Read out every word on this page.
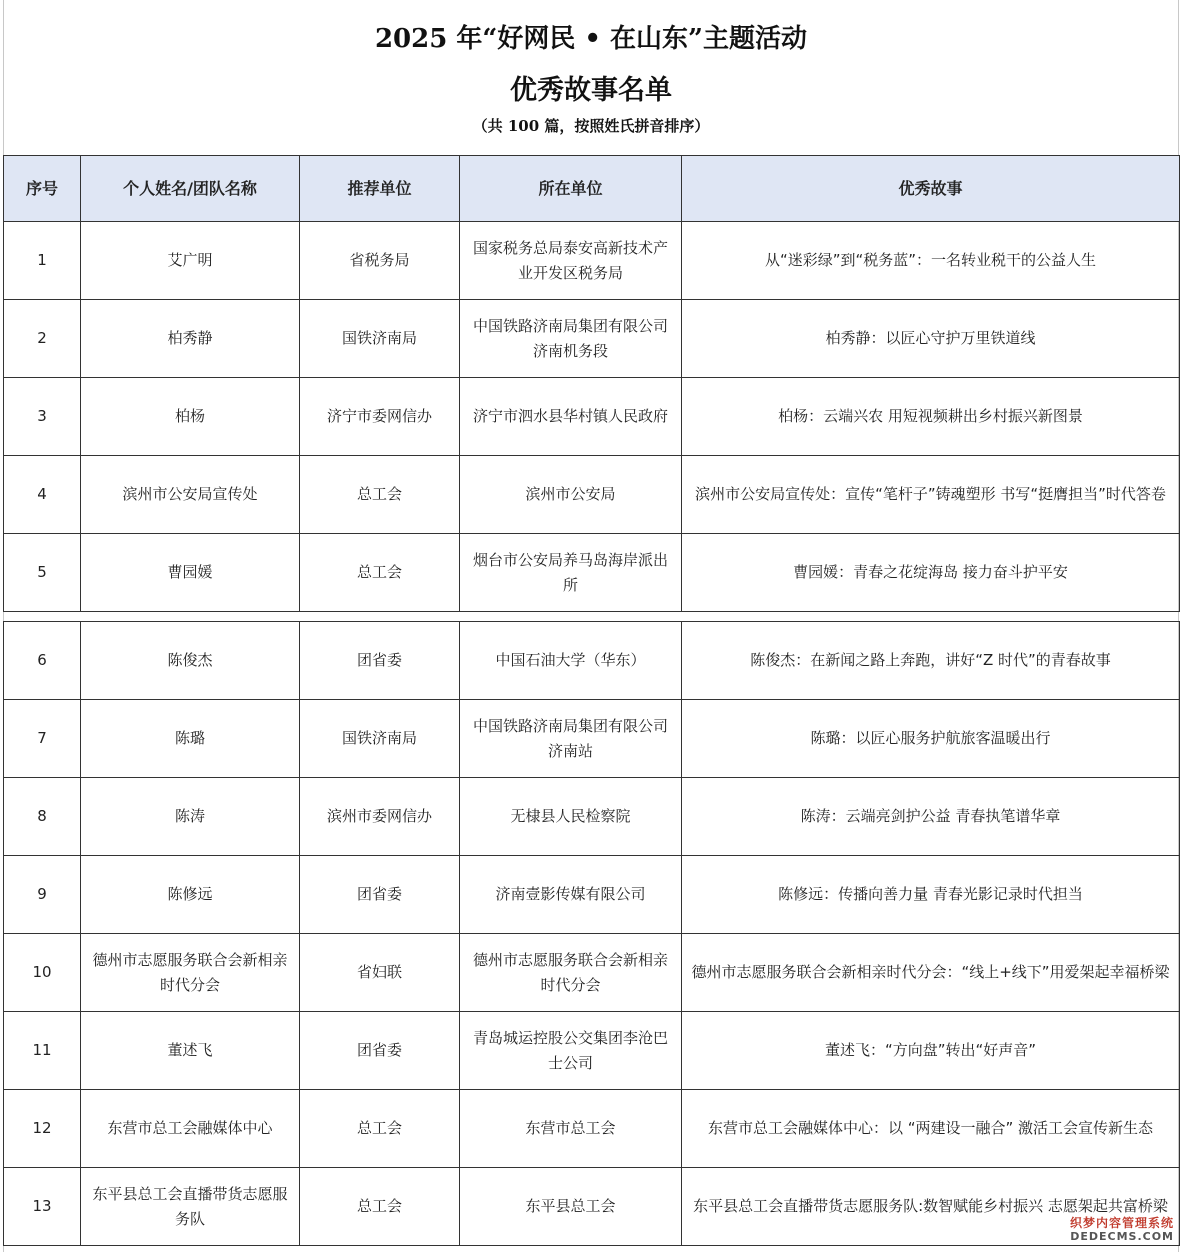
2025 年“好网民 • 在山东”主题活动
优秀故事名单
（共 100 篇，按照姓氏拼音排序）
序号	个人姓名/团队名称	推荐单位	所在单位	优秀故事
1	艾广明	省税务局	国家税务总局泰安高新技术产业开发区税务局	从“迷彩绿”到“税务蓝”：一名转业税干的公益人生
2	柏秀静	国铁济南局	中国铁路济南局集团有限公司济南机务段	柏秀静：以匠心守护万里铁道线
3	柏杨	济宁市委网信办	济宁市泗水县华村镇人民政府	柏杨：云端兴农 用短视频耕出乡村振兴新图景
4	滨州市公安局宣传处	总工会	滨州市公安局	滨州市公安局宣传处：宣传“笔杆子”铸魂塑形 书写“挺膺担当”时代答卷
5	曹园媛	总工会	烟台市公安局养马岛海岸派出所	曹园媛：青春之花绽海岛 接力奋斗护平安
6	陈俊杰	团省委	中国石油大学（华东）	陈俊杰：在新闻之路上奔跑，讲好“Z 时代”的青春故事
7	陈璐	国铁济南局	中国铁路济南局集团有限公司济南站	陈璐：以匠心服务护航旅客温暖出行
8	陈涛	滨州市委网信办	无棣县人民检察院	陈涛：云端亮剑护公益 青春执笔谱华章
9	陈修远	团省委	济南壹影传媒有限公司	陈修远：传播向善力量 青春光影记录时代担当
10	德州市志愿服务联合会新相亲时代分会	省妇联	德州市志愿服务联合会新相亲时代分会	德州市志愿服务联合会新相亲时代分会：“线上+线下”用爱架起幸福桥梁
11	董述飞	团省委	青岛城运控股公交集团李沧巴士公司	董述飞：“方向盘”转出“好声音”
12	东营市总工会融媒体中心	总工会	东营市总工会	东营市总工会融媒体中心：以 “两建设一融合” 激活工会宣传新生态
13	东平县总工会直播带货志愿服务队	总工会	东平县总工会	东平县总工会直播带货志愿服务队:数智赋能乡村振兴 志愿架起共富桥梁
织梦内容管理系统
DEDECMS.COM
